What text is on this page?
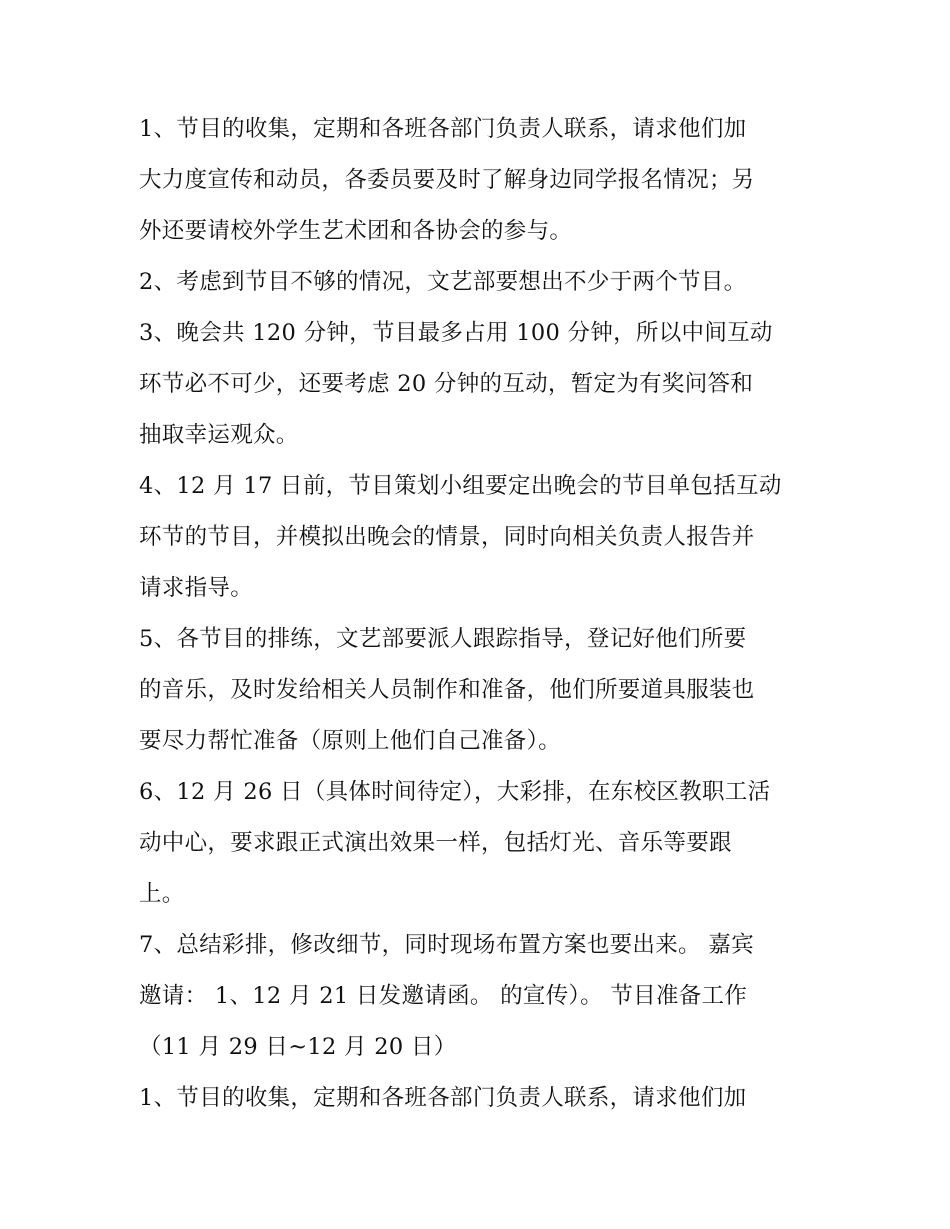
1、节目的收集，定期和各班各部门负责人联系，请求他们加
大力度宣传和动员，各委员要及时了解身边同学报名情况；另
外还要请校外学生艺术团和各协会的参与。
2、考虑到节目不够的情况，文艺部要想出不少于两个节目。
3、晚会共 120 分钟，节目最多占用 100 分钟，所以中间互动
环节必不可少，还要考虑 20 分钟的互动，暂定为有奖问答和
抽取幸运观众。
4、12 月 17 日前，节目策划小组要定出晚会的节目单包括互动
环节的节目，并模拟出晚会的情景，同时向相关负责人报告并
请求指导。
5、各节目的排练，文艺部要派人跟踪指导，登记好他们所要
的音乐，及时发给相关人员制作和准备，他们所要道具服装也
要尽力帮忙准备（原则上他们自己准备）。
6、12 月 26 日（具体时间待定），大彩排，在东校区教职工活
动中心，要求跟正式演出效果一样，包括灯光、音乐等要跟
上。
7、总结彩排，修改细节，同时现场布置方案也要出来。 嘉宾
邀请： 1、12 月 21 日发邀请函。 的宣传）。 节目准备工作
（11 月 29 日~12 月 20 日）
1、节目的收集，定期和各班各部门负责人联系，请求他们加
